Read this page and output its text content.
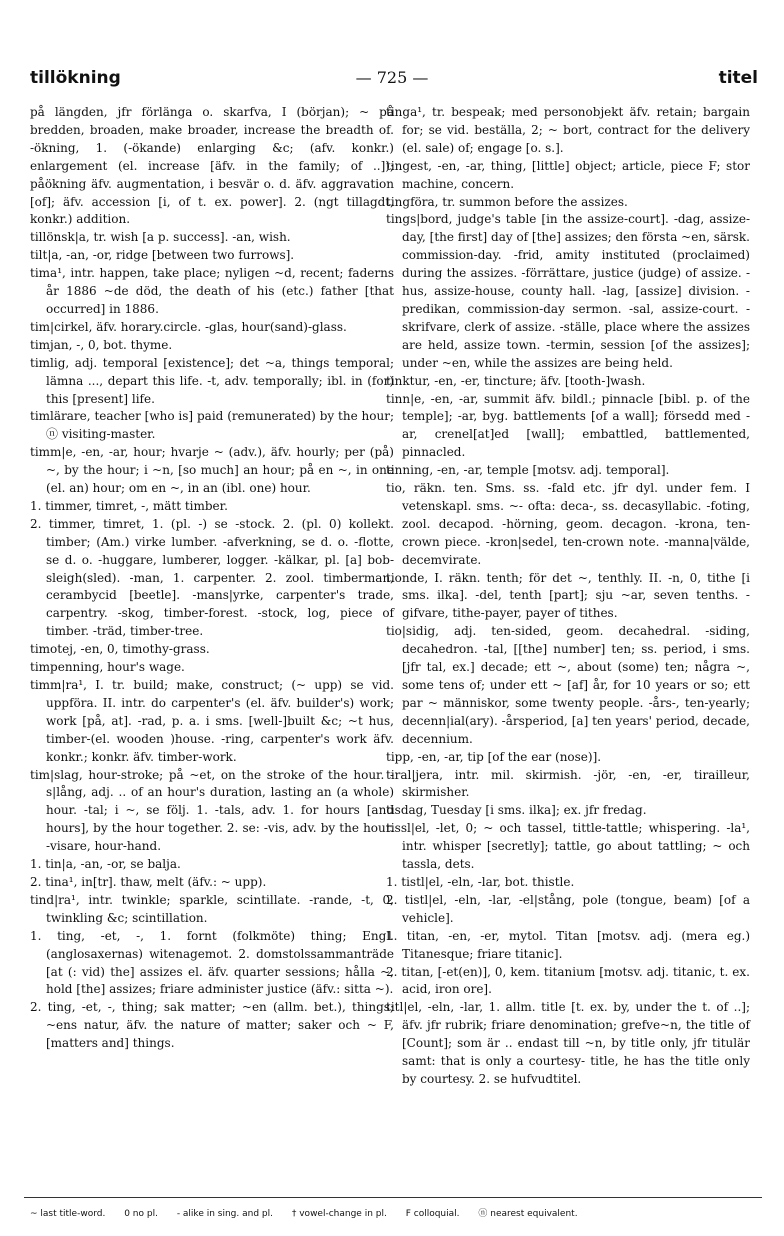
tillökning	— 725 —	titel

på längden, jfr förlänga o. skarfva, I (början); ~ på bredden, broaden, make broader, increase the breadth of. -ökning, 1. (-ökande) enlarging &c; (afv. konkr.) enlargement (el. increase [äfv. in the family; of ..]); påökning äfv. augmentation, i besvär o. d. äfv. aggravation [of]; äfv. accession [i, of t. ex. power]. 2. (ngt tillagdt, konkr.) addition.

tillönsk|a, tr. wish [a p. success]. -an, wish.

tilt|a, -an, -or, ridge [between two furrows].

tima¹, intr. happen, take place; nyligen ~d, recent; faderns år 1886 ~de död, the death of his (etc.) father [that occurred] in 1886.

tim|cirkel, äfv. horary.circle. -glas, hour(sand)-glass.

timjan, -, 0, bot. thyme.

timlig, adj. temporal [existence]; det ~a, things temporal; lämna ..., depart this life. -t, adv. temporally; ibl. in (for) this [present] life.

timlärare, teacher [who is] paid (remunerated) by the hour; ⓝ visiting-master.

timm|e, -en, -ar, hour; hvarje ~ (adv.), äfv. hourly; per (på) ~, by the hour; i ~n, [so much] an hour; på en ~, in one (el. an) hour; om en ~, in an (ibl. one) hour.

1. timmer, timret, -, mätt timber.

2. timmer, timret, 1. (pl. -) se -stock. 2. (pl. 0) kollekt. timber; (Am.) virke lumber. -afverkning, se d. o. -flotte, se d. o. -huggare, lumberer, logger. -kälkar, pl. [a] bob-sleigh(sled). -man, 1. carpenter. 2. zool. timberman, cerambycid [beetle]. -mans|yrke, carpenter's trade, carpentry. -skog, timber-forest. -stock, log, piece of timber. -träd, timber-tree.

timotej, -en, 0, timothy-grass.

timpenning, hour's wage.

timm|ra¹, I. tr. build; make, construct; (~ upp) se vid. uppföra. II. intr. do carpenter's (el. äfv. builder's) work; work [på, at]. -rad, p. a. i sms. [well-]built &c; ~t hus, timber-(el. wooden )house. -ring, carpenter's work äfv. konkr.; konkr. äfv. timber-work.

tim|slag, hour-stroke; på ~et, on the stroke of the hour. -s|lång, adj. .. of an hour's duration, lasting an (a whole) hour. -tal; i ~, se följ. 1. -tals, adv. 1. for hours [and hours], by the hour together. 2. se: -vis, adv. by the hour. -visare, hour-hand.

1. tin|a, -an, -or, se balja.

2. tina¹, in[tr]. thaw, melt (äfv.: ~ upp).

tind|ra¹, intr. twinkle; sparkle, scintillate. -rande, -t, 0, twinkling &c; scintillation.

1. ting, -et, -, 1. fornt (folkmöte) thing; Engl. (anglosaxernas) witenagemot. 2. domstolssammanträde [at (: vid) the] assizes el. äfv. quarter sessions; hålla ~, hold [the] assizes; friare administer justice (äfv.: sitta ~).

2. ting, -et, -, thing; sak matter; ~en (allm. bet.), things; ~ens natur, äfv. the nature of matter; saker och ~ F, [matters and] things.

tinga¹, tr. bespeak; med personobjekt äfv. retain; bargain for; se vid. beställa, 2; ~ bort, contract for the delivery (el. sale) of; engage [o. s.].

tingest, -en, -ar, thing, [little] object; article, piece F; stor machine, concern.

tingföra, tr. summon before the assizes.

tings|bord, judge's table [in the assize-court]. -dag, assize-day, [the first] day of [the] assizes; den första ~en, särsk. commission-day. -frid, amity instituted (proclaimed) during the assizes. -förrättare, justice (judge) of assize. -hus, assize-house, county hall. -lag, [assize] division. -predikan, commission-day sermon. -sal, assize-court. -skrifvare, clerk of assize. -ställe, place where the assizes are held, assize town. -termin, session [of the assizes]; under ~en, while the assizes are being held.

tinktur, -en, -er, tincture; äfv. [tooth-]wash.

tinn|e, -en, -ar, summit äfv. bildl.; pinnacle [bibl. p. of the temple]; -ar, byg. battlements [of a wall]; försedd med -ar, crenel[at]ed [wall]; embattled, battlemented, pinnacled.

tinning, -en, -ar, temple [motsv. adj. temporal].

tio, räkn. ten. Sms. ss. -fald etc. jfr dyl. under fem. I vetenskapl. sms. ~- ofta: deca-, ss. decasyllabic. -foting, zool. decapod. -hörning, geom. decagon. -krona, ten-crown piece. -kron|sedel, ten-crown note. -manna|välde, decemvirate.

tionde, I. räkn. tenth; för det ~, tenthly. II. -n, 0, tithe [i sms. ilka]. -del, tenth [part]; sju ~ar, seven tenths. -gifvare, tithe-payer, payer of tithes.

tio|sidig, adj. ten-sided, geom. decahedral. -siding, decahedron. -tal, [[the] number] ten; ss. period, i sms. [jfr tal, ex.] decade; ett ~, about (some) ten; några ~, some tens of; under ett ~ [af] år, for 10 years or so; ett par ~ människor, some twenty people. -års-, ten-yearly; decenn|ial(ary). -årsperiod, [a] ten years' period, decade, decennium.

tipp, -en, -ar, tip [of the ear (nose)].

tiral|jera, intr. mil. skirmish. -jör, -en, -er, tirailleur, skirmisher.

tisdag, Tuesday [i sms. ilka]; ex. jfr fredag.

tissl|el, -let, 0; ~ och tassel, tittle-tattle; whispering. -la¹, intr. whisper [secretly]; tattle, go about tattling; ~ och tassla, dets.

1. tistl|el, -eln, -lar, bot. thistle.

2. tistl|el, -eln, -lar, -el|stång, pole (tongue, beam) [of a vehicle].

1. titan, -en, -er, mytol. Titan [motsv. adj. (mera eg.) Titanesque; friare titanic].

2. titan, [-et(en)], 0, kem. titanium [motsv. adj. titanic, t. ex. acid, iron ore].

titl|el, -eln, -lar, 1. allm. title [t. ex. by, under the t. of ..]; äfv. jfr rubrik; friare denomination; grefve~n, the title of [Count]; som är .. endast till ~n, by title only, jfr titulär samt: that is only a courtesy- title, he has the title only by courtesy. 2. se hufvudtitel.

~ last title-word. 0 no pl. - alike in sing. and pl. † vowel-change in pl. F colloquial. ⓝ nearest equivalent.
